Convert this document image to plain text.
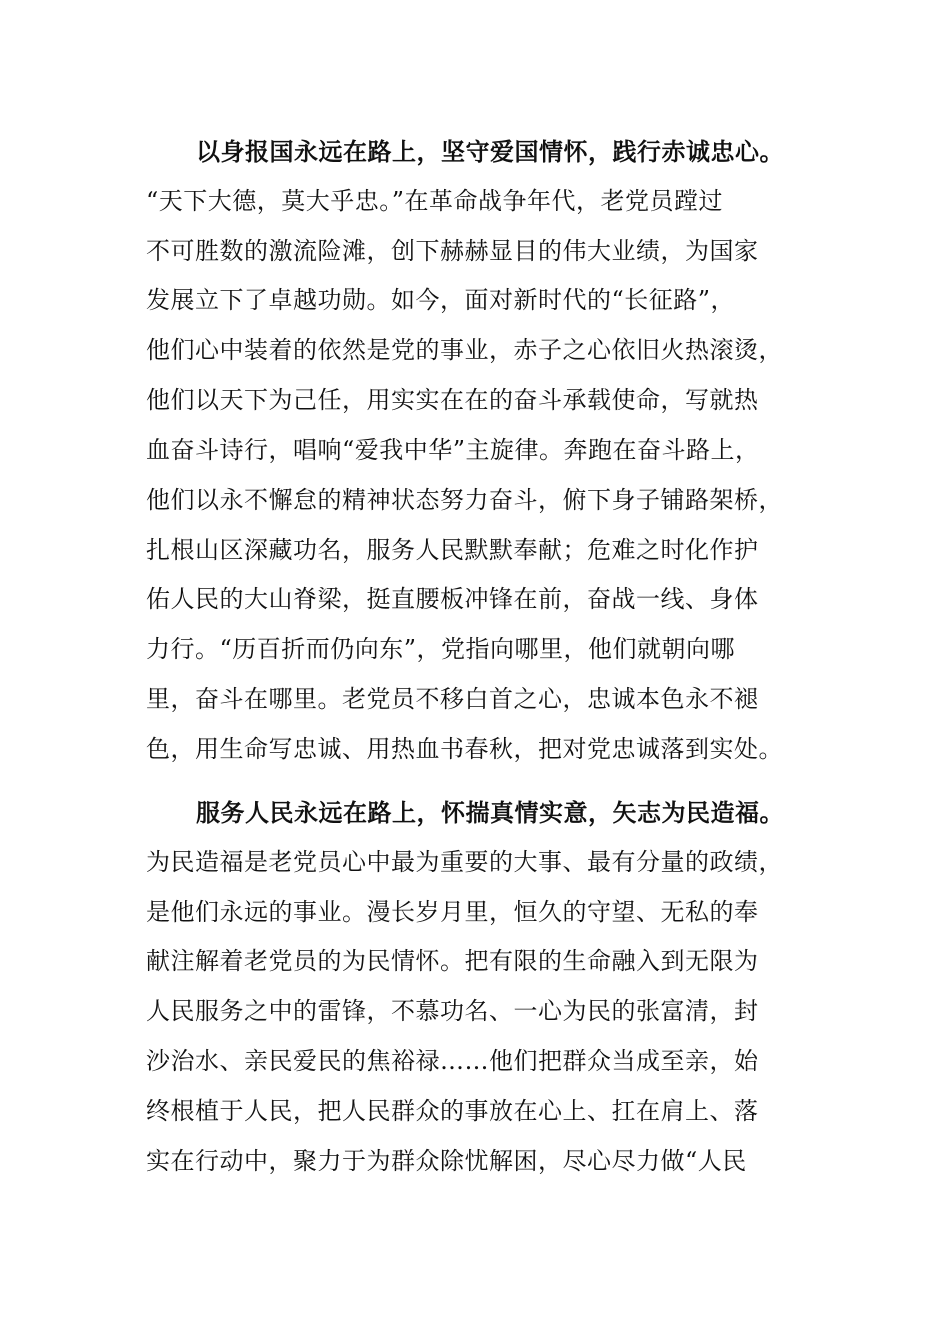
以身报国永远在路上，坚守爱国情怀，践行赤诚忠心。
“天下大德，莫大乎忠。”在革命战争年代，老党员蹚过
不可胜数的激流险滩，创下赫赫显目的伟大业绩，为国家
发展立下了卓越功勋。如今，面对新时代的“长征路”，
他们心中装着的依然是党的事业，赤子之心依旧火热滚烫，
他们以天下为己任，用实实在在的奋斗承载使命，写就热
血奋斗诗行，唱响“爱我中华”主旋律。奔跑在奋斗路上，
他们以永不懈怠的精神状态努力奋斗，俯下身子铺路架桥，
扎根山区深藏功名，服务人民默默奉献；危难之时化作护
佑人民的大山脊梁，挺直腰板冲锋在前，奋战一线、身体
力行。“历百折而仍向东”，党指向哪里，他们就朝向哪
里，奋斗在哪里。老党员不移白首之心，忠诚本色永不褪
色，用生命写忠诚、用热血书春秋，把对党忠诚落到实处。
服务人民永远在路上，怀揣真情实意，矢志为民造福。
为民造福是老党员心中最为重要的大事、最有分量的政绩，
是他们永远的事业。漫长岁月里，恒久的守望、无私的奉
献注解着老党员的为民情怀。把有限的生命融入到无限为
人民服务之中的雷锋，不慕功名、一心为民的张富清，封
沙治水、亲民爱民的焦裕禄……他们把群众当成至亲，始
终根植于人民，把人民群众的事放在心上、扛在肩上、落
实在行动中，聚力于为群众除忧解困，尽心尽力做“人民
